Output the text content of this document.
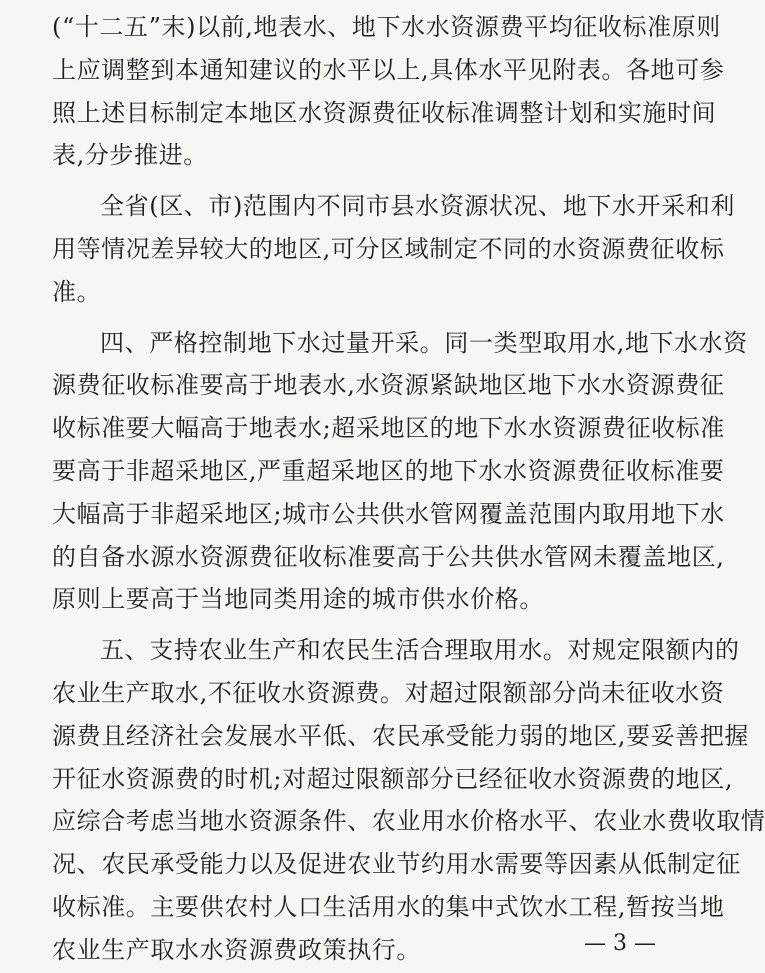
(“十二五”末)以前,地表水、地下水水资源费平均征收标准原则
上应调整到本通知建议的水平以上,具体水平见附表。各地可参
照上述目标制定本地区水资源费征收标准调整计划和实施时间
表,分步推进。
全省(区、市)范围内不同市县水资源状况、地下水开采和利
用等情况差异较大的地区,可分区域制定不同的水资源费征收标
准。
四、严格控制地下水过量开采。同一类型取用水,地下水水资
源费征收标准要高于地表水,水资源紧缺地区地下水水资源费征
收标准要大幅高于地表水;超采地区的地下水水资源费征收标准
要高于非超采地区,严重超采地区的地下水水资源费征收标准要
大幅高于非超采地区;城市公共供水管网覆盖范围内取用地下水
的自备水源水资源费征收标准要高于公共供水管网未覆盖地区,
原则上要高于当地同类用途的城市供水价格。
五、支持农业生产和农民生活合理取用水。对规定限额内的
农业生产取水,不征收水资源费。对超过限额部分尚未征收水资
源费且经济社会发展水平低、农民承受能力弱的地区,要妥善把握
开征水资源费的时机;对超过限额部分已经征收水资源费的地区,
应综合考虑当地水资源条件、农业用水价格水平、农业水费收取情
况、农民承受能力以及促进农业节约用水需要等因素从低制定征
收标准。主要供农村人口生活用水的集中式饮水工程,暂按当地
农业生产取水水资源费政策执行。	— 3 —
